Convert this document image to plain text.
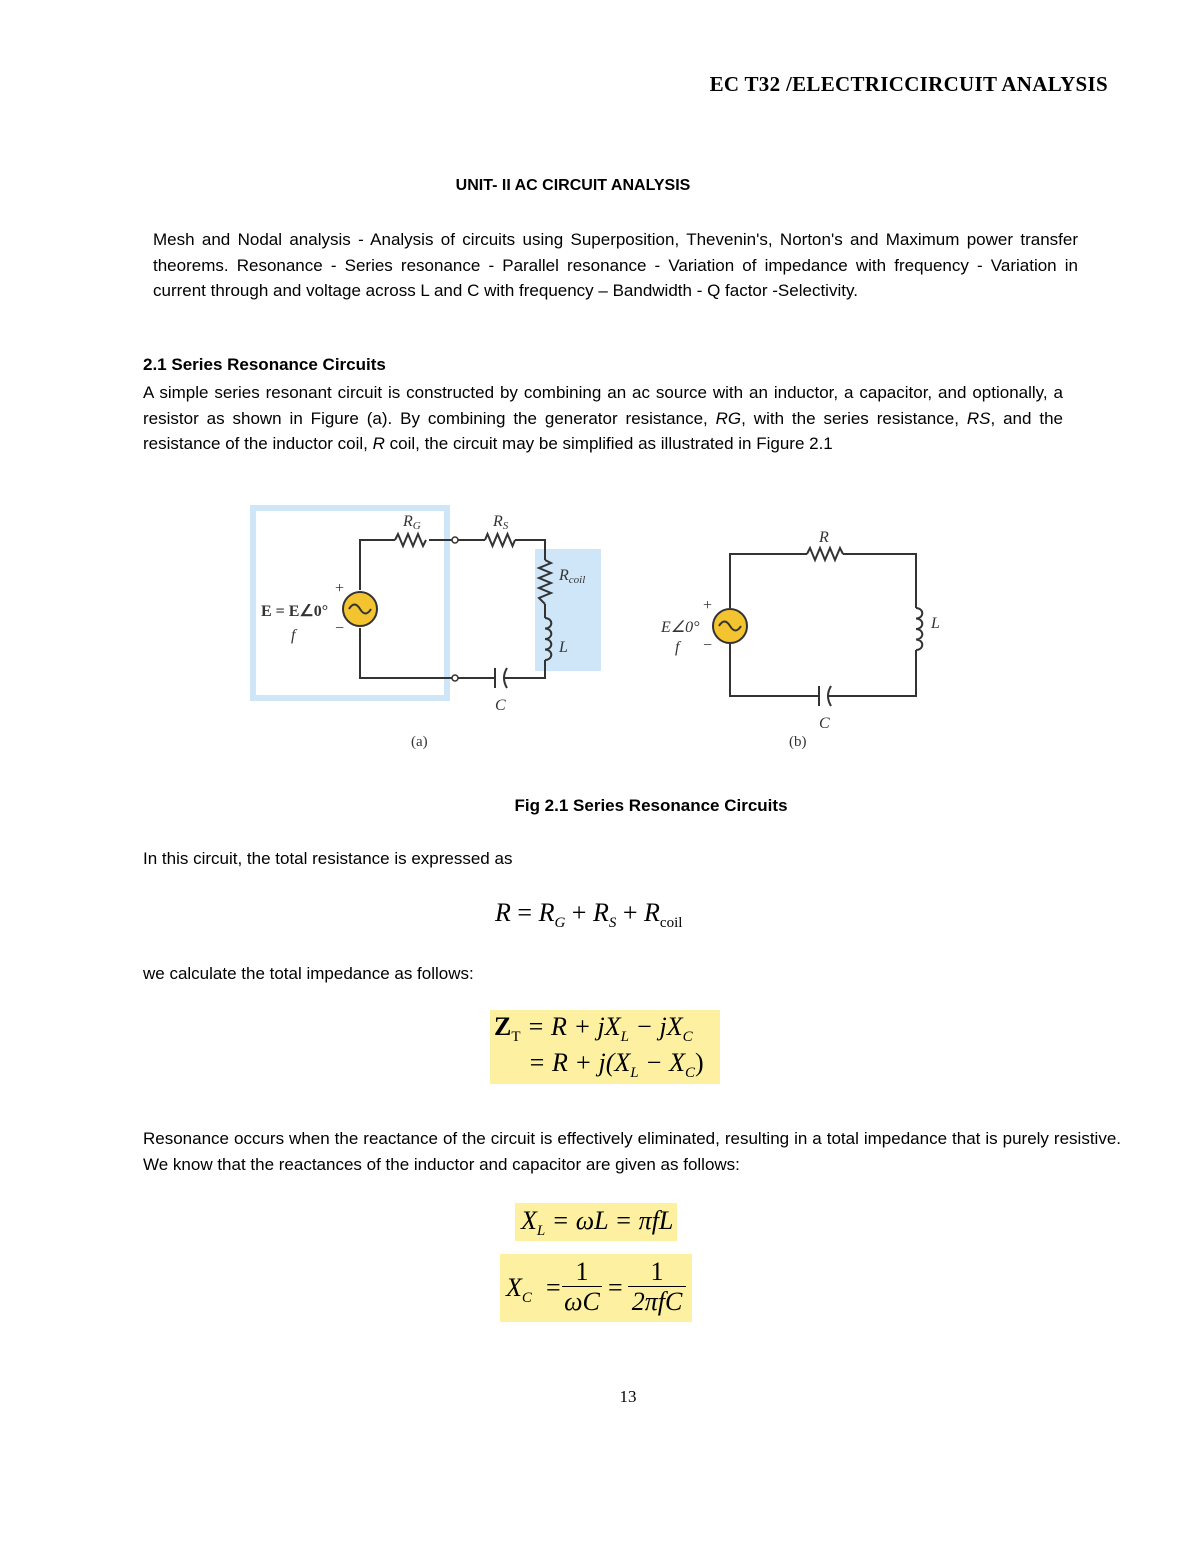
EC T32 /ELECTRICCIRCUIT ANALYSIS
UNIT- II AC CIRCUIT ANALYSIS
Mesh and Nodal analysis - Analysis of circuits using Superposition, Thevenin's, Norton's and Maximum power transfer theorems. Resonance - Series resonance - Parallel resonance - Variation of impedance with frequency - Variation in current through and voltage across L and C with frequency – Bandwidth - Q factor -Selectivity.
2.1 Series Resonance Circuits
A simple series resonant circuit is constructed by combining an ac source with an inductor, a capacitor, and optionally, a resistor as shown in Figure (a). By combining the generator resistance, RG, with the series resistance, RS, and the resistance of the inductor coil, R coil, the circuit may be simplified as illustrated in Figure 2.1
+
−
E = E∠0°
f
RG	RS
Rcoil
L
C
(a)
+
−
E∠0°
f
R
L
C
(b)
Fig 2.1 Series Resonance Circuits
In this circuit, the total resistance is expressed as
$R = R_G + R_S + R_{coil}$
we calculate the total impedance as follows:
$Z_T = R + jX_L - jX_C$
= $R + j(X_L - X_C)$
Resonance occurs when the reactance of the circuit is effectively eliminated, resulting in a total impedance that is purely resistive. We know that the reactances of the inductor and capacitor are given as follows:
$X_L = \omega L = \pi fL$
$X_C$ =
1
ωC =
1
2πfC
13
